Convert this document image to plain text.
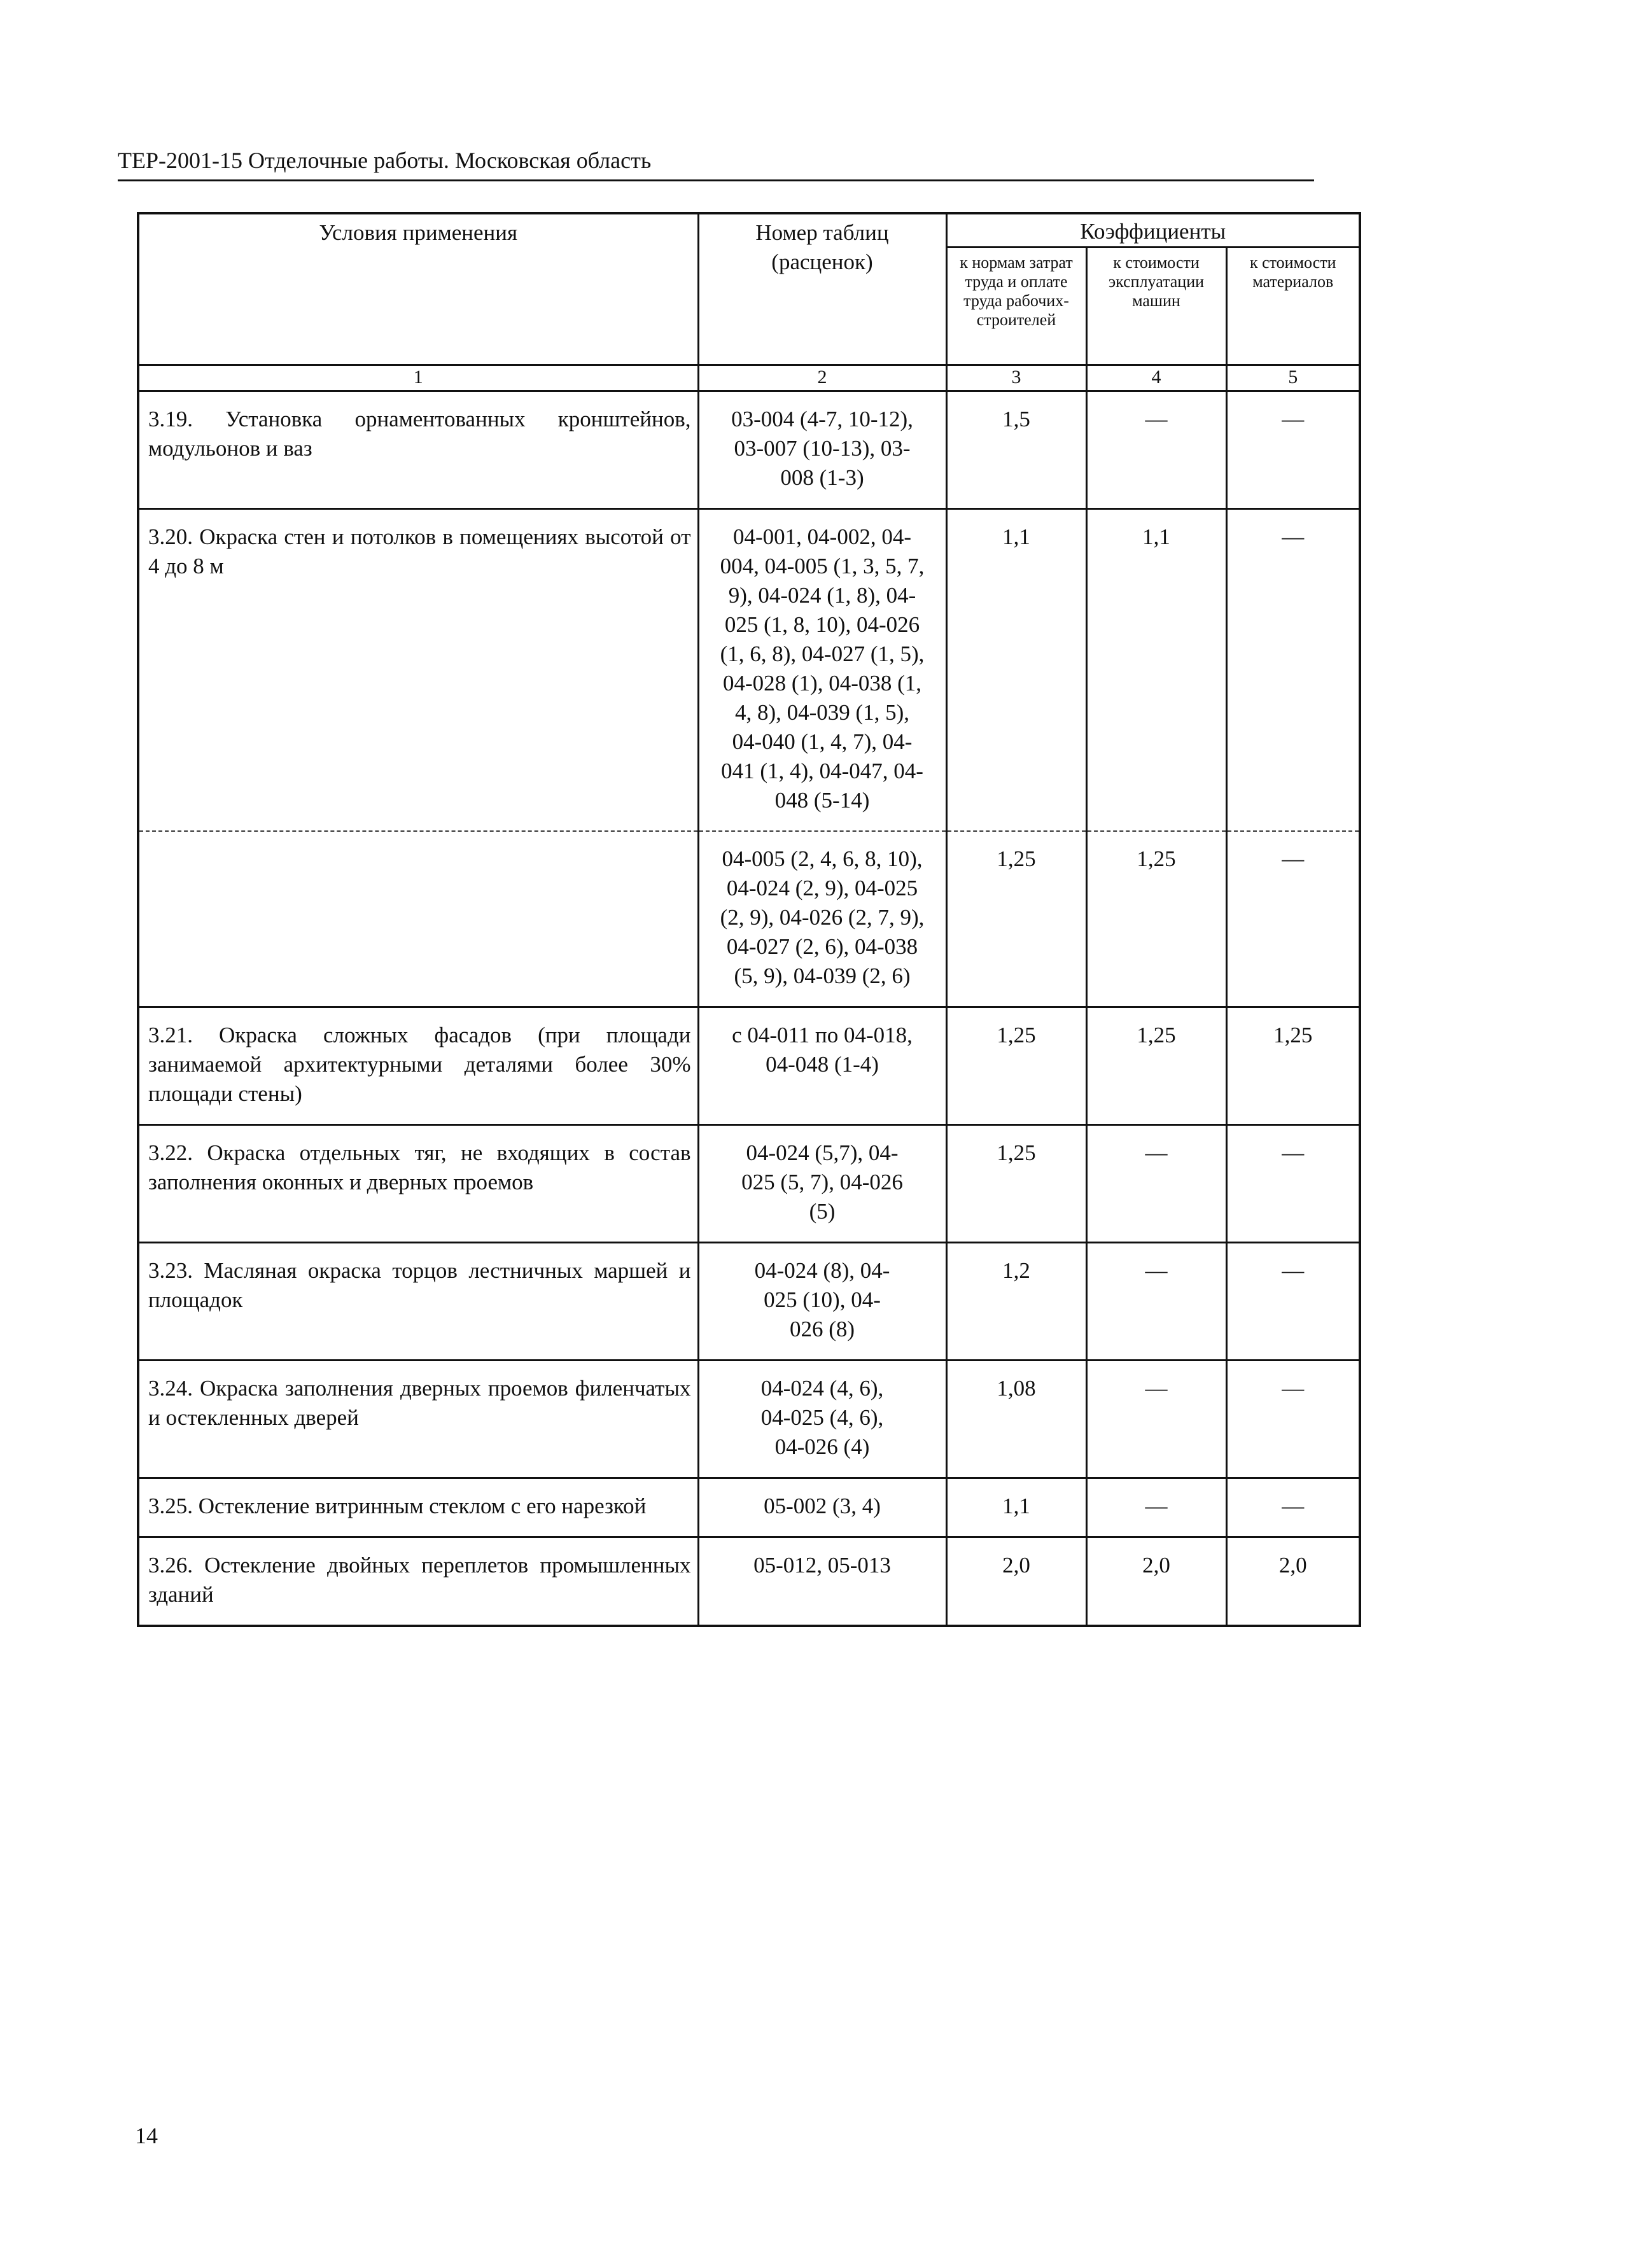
ТЕР-2001-15 Отделочные работы. Московская область
Условия применения	Номер таблиц (расценок)	Коэффициенты		
		к нормам затрат труда и оплате труда рабочих-строителей	к стоимости эксплуатации машин	к стоимости материалов
1	2	3	4	5
3.19. Установка орнаментованных кронштейнов, модульонов и ваз	03-004 (4-7, 10-12), 03-007 (10-13), 03-008 (1-3)	1,5	—	—
3.20. Окраска стен и потолков в помещениях высотой от 4 до 8 м	04-001, 04-002, 04-004, 04-005 (1, 3, 5, 7, 9), 04-024 (1, 8), 04-025 (1, 8, 10), 04-026 (1, 6, 8), 04-027 (1, 5), 04-028 (1), 04-038 (1, 4, 8), 04-039 (1, 5), 04-040 (1, 4, 7), 04-041 (1, 4), 04-047, 04-048 (5-14)	1,1	1,1	—
	04-005 (2, 4, 6, 8, 10), 04-024 (2, 9), 04-025 (2, 9), 04-026 (2, 7, 9), 04-027 (2, 6), 04-038 (5, 9), 04-039 (2, 6)	1,25	1,25	—
3.21. Окраска сложных фасадов (при площади занимаемой архитектурными деталями более 30% площади стены)	с 04-011 по 04-018, 04-048 (1-4)	1,25	1,25	1,25
3.22. Окраска отдельных тяг, не входящих в состав заполнения оконных и дверных проемов	04-024 (5,7), 04-025 (5, 7), 04-026 (5)	1,25	—	—
3.23. Масляная окраска торцов лестничных маршей и площадок	04-024 (8), 04-025 (10), 04-026 (8)	1,2	—	—
3.24. Окраска заполнения дверных проемов филенчатых и остекленных дверей	04-024 (4, 6), 04-025 (4, 6), 04-026 (4)	1,08	—	—
3.25. Остекление витринным стеклом с его нарезкой	05-002 (3, 4)	1,1	—	—
3.26. Остекление двойных переплетов промышленных зданий	05-012, 05-013	2,0	2,0	2,0
14
